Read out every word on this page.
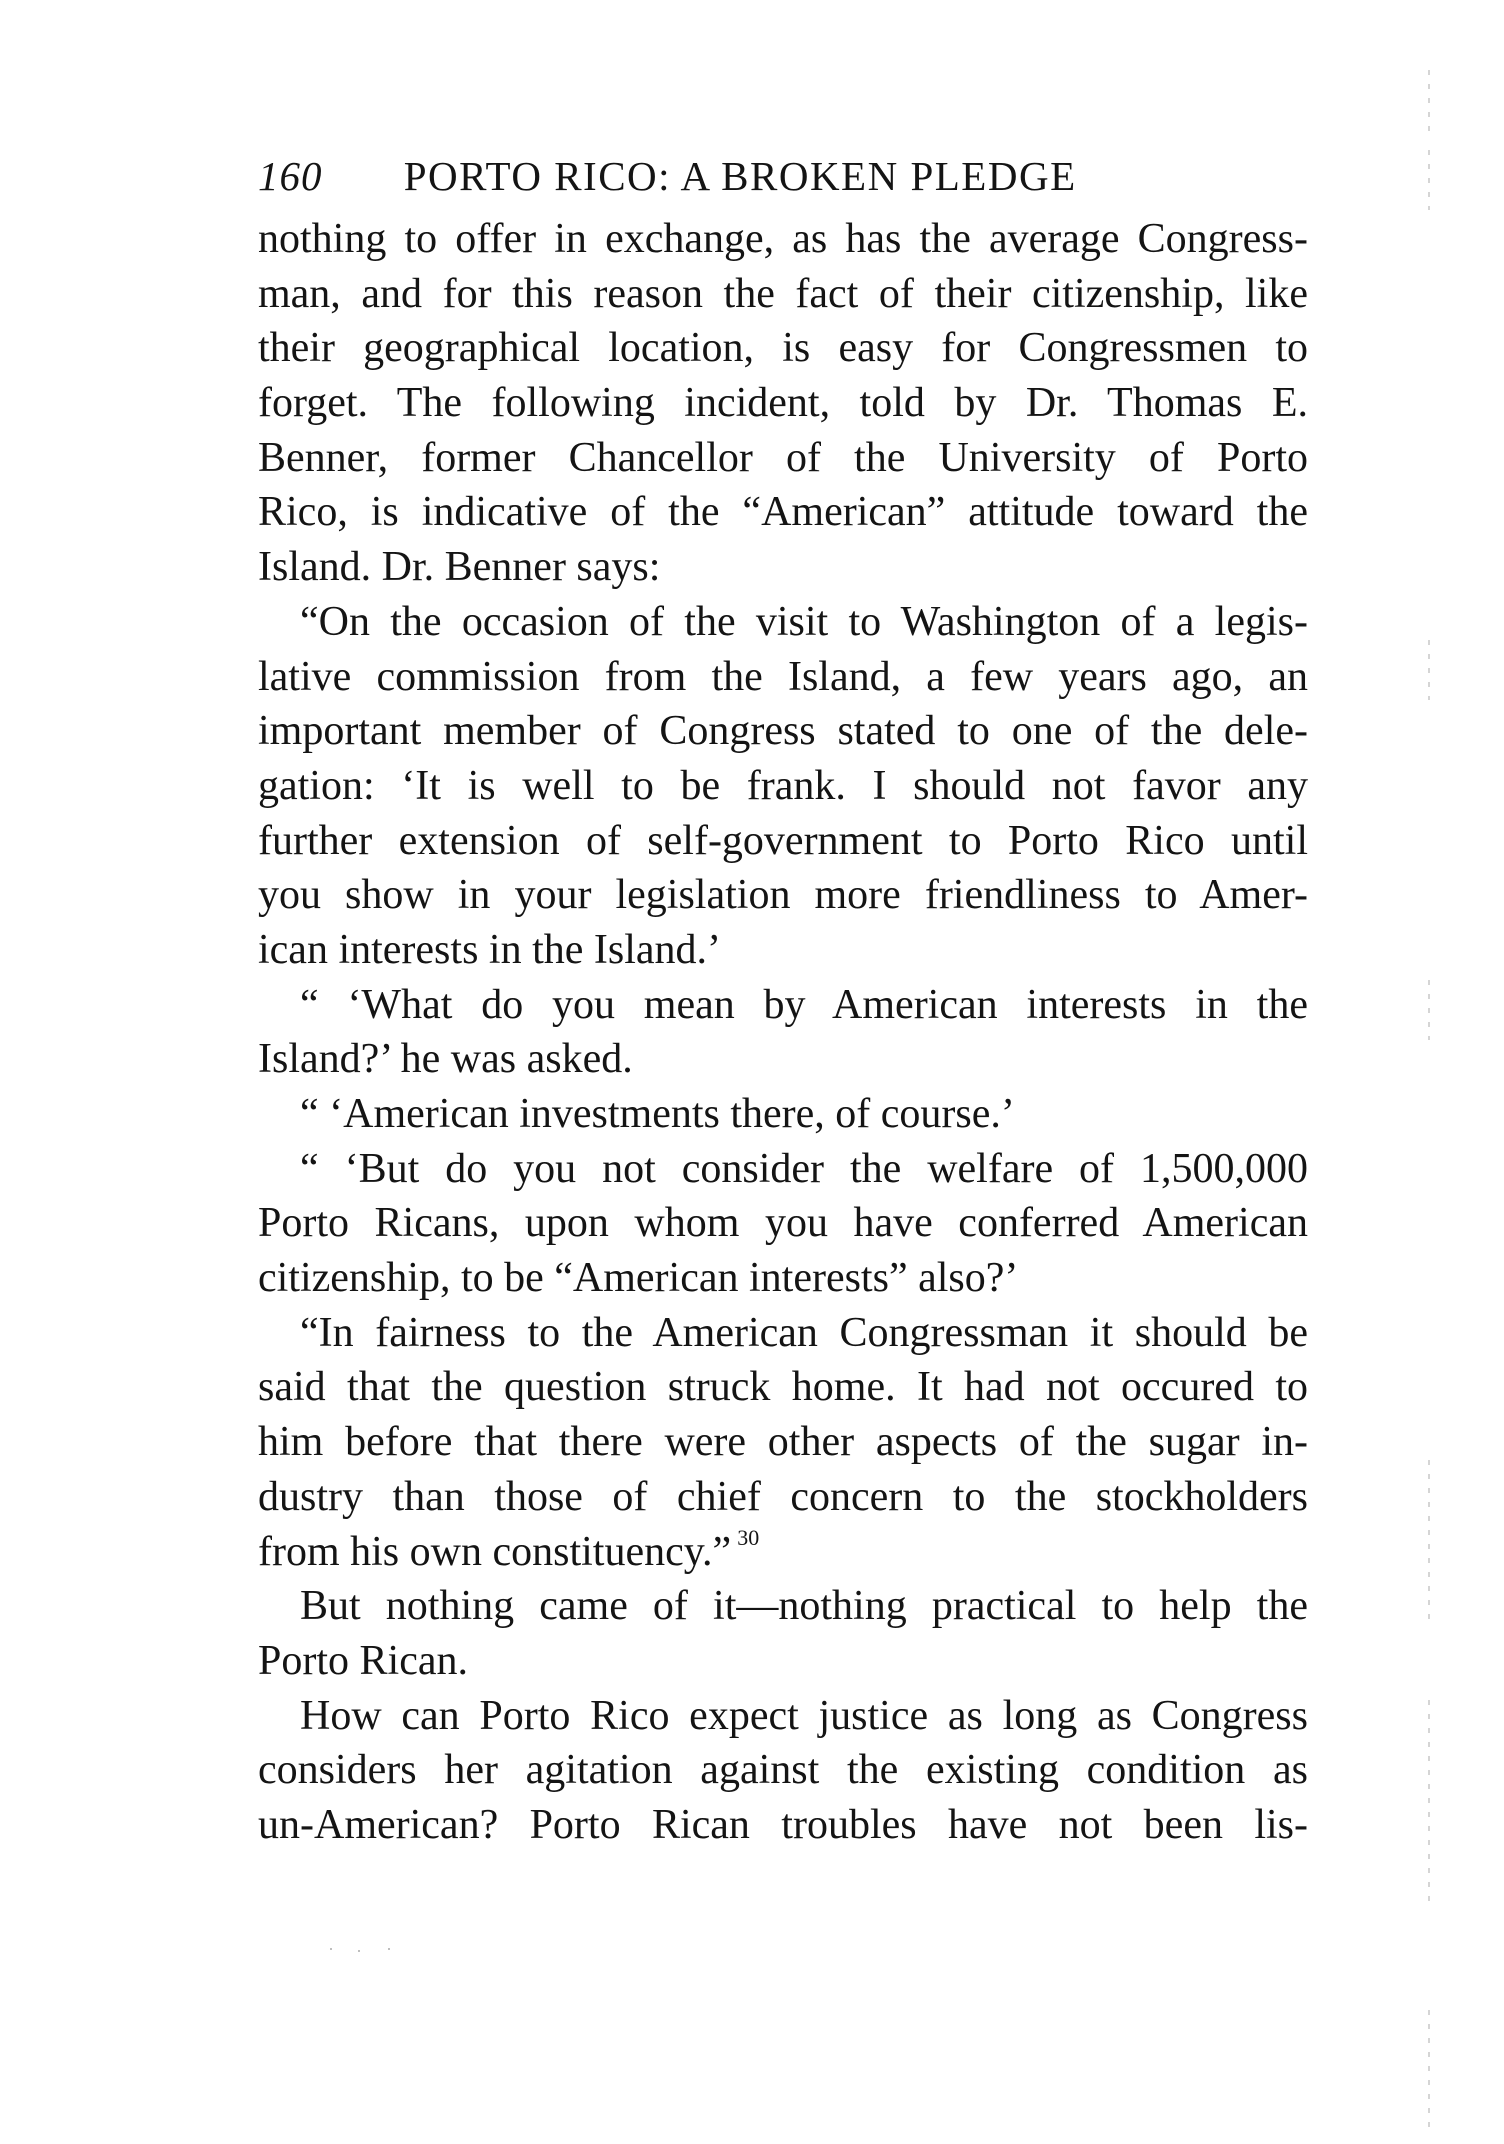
160 PORTO RICO: A BROKEN PLEDGE
nothing to offer in exchange, as has the average Congress-
man, and for this reason the fact of their citizenship, like
their geographical location, is easy for Congressmen to
forget. The following incident, told by Dr. Thomas E.
Benner, former Chancellor of the University of Porto
Rico, is indicative of the “American” attitude toward the
Island. Dr. Benner says:
“On the occasion of the visit to Washington of a legis-
lative commission from the Island, a few years ago, an
important member of Congress stated to one of the dele-
gation: ‘It is well to be frank. I should not favor any
further extension of self-government to Porto Rico until
you show in your legislation more friendliness to Amer-
ican interests in the Island.’
“ ‘What do you mean by American interests in the
Island?’ he was asked.
“ ‘American investments there, of course.’
“ ‘But do you not consider the welfare of 1,500,000
Porto Ricans, upon whom you have conferred American
citizenship, to be “American interests” also?’
“In fairness to the American Congressman it should be
said that the question struck home. It had not occured to
him before that there were other aspects of the sugar in-
dustry than those of chief concern to the stockholders
from his own constituency.” $^{30}$
But nothing came of it—nothing practical to help the
Porto Rican.
How can Porto Rico expect justice as long as Congress
considers her agitation against the existing condition as
un-American? Porto Rican troubles have not been lis-
